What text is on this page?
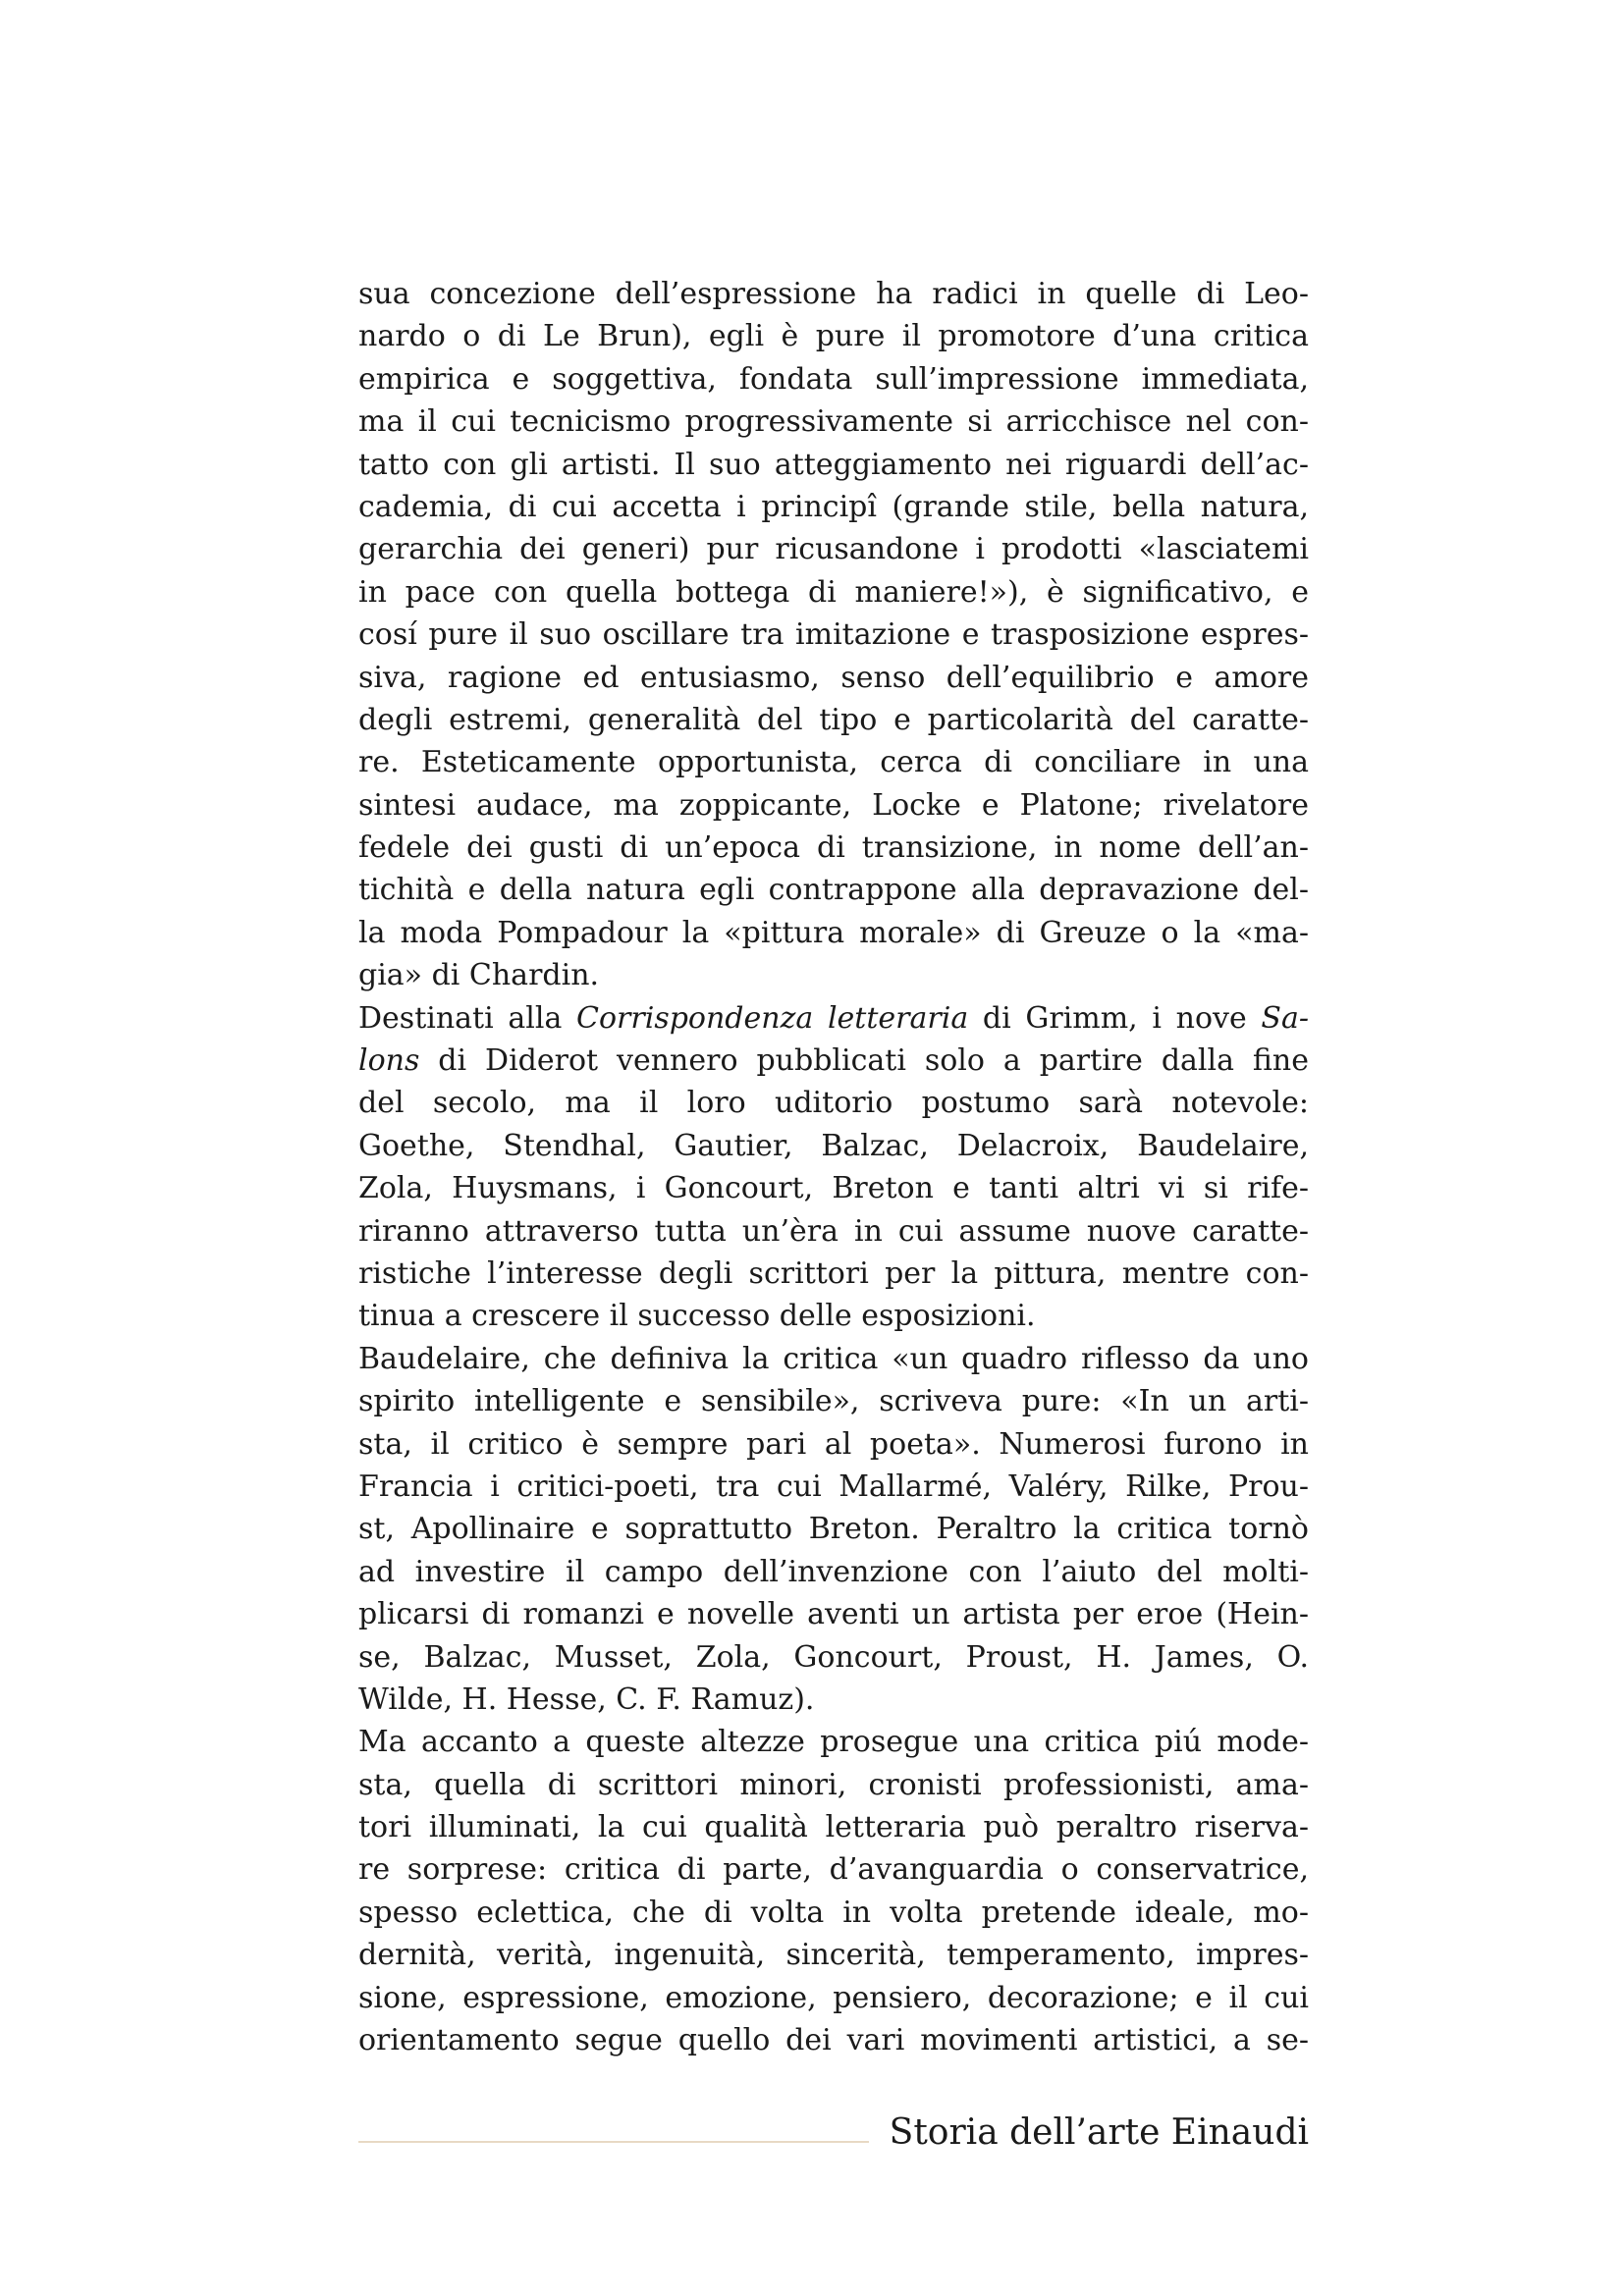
sua concezione dell’espressione ha radici in quelle di Leo-
nardo o di Le Brun), egli è pure il promotore d’una critica
empirica e soggettiva, fondata sull’impressione immediata,
ma il cui tecnicismo progressivamente si arricchisce nel con-
tatto con gli artisti. Il suo atteggiamento nei riguardi dell’ac-
cademia, di cui accetta i principî (grande stile, bella natura,
gerarchia dei generi) pur ricusandone i prodotti «lasciatemi
in pace con quella bottega di maniere!»), è significativo, e
cosí pure il suo oscillare tra imitazione e trasposizione espres-
siva, ragione ed entusiasmo, senso dell’equilibrio e amore
degli estremi, generalità del tipo e particolarità del caratte-
re. Esteticamente opportunista, cerca di conciliare in una
sintesi audace, ma zoppicante, Locke e Platone; rivelatore
fedele dei gusti di un’epoca di transizione, in nome dell’an-
tichità e della natura egli contrappone alla depravazione del-
la moda Pompadour la «pittura morale» di Greuze o la «ma-
gia» di Chardin.
Destinati alla Corrispondenza letteraria di Grimm, i nove Sa-
lons di Diderot vennero pubblicati solo a partire dalla fine
del secolo, ma il loro uditorio postumo sarà notevole:
Goethe, Stendhal, Gautier, Balzac, Delacroix, Baudelaire,
Zola, Huysmans, i Goncourt, Breton e tanti altri vi si rife-
riranno attraverso tutta un’èra in cui assume nuove caratte-
ristiche l’interesse degli scrittori per la pittura, mentre con-
tinua a crescere il successo delle esposizioni.
Baudelaire, che definiva la critica «un quadro riflesso da uno
spirito intelligente e sensibile», scriveva pure: «In un arti-
sta, il critico è sempre pari al poeta». Numerosi furono in
Francia i critici-poeti, tra cui Mallarmé, Valéry, Rilke, Prou-
st, Apollinaire e soprattutto Breton. Peraltro la critica tornò
ad investire il campo dell’invenzione con l’aiuto del molti-
plicarsi di romanzi e novelle aventi un artista per eroe (Hein-
se, Balzac, Musset, Zola, Goncourt, Proust, H. James, O.
Wilde, H. Hesse, C. F. Ramuz).
Ma accanto a queste altezze prosegue una critica piú mode-
sta, quella di scrittori minori, cronisti professionisti, ama-
tori illuminati, la cui qualità letteraria può peraltro riserva-
re sorprese: critica di parte, d’avanguardia o conservatrice,
spesso eclettica, che di volta in volta pretende ideale, mo-
dernità, verità, ingenuità, sincerità, temperamento, impres-
sione, espressione, emozione, pensiero, decorazione; e il cui
orientamento segue quello dei vari movimenti artistici, a se-
Storia dell’arte Einaudi
